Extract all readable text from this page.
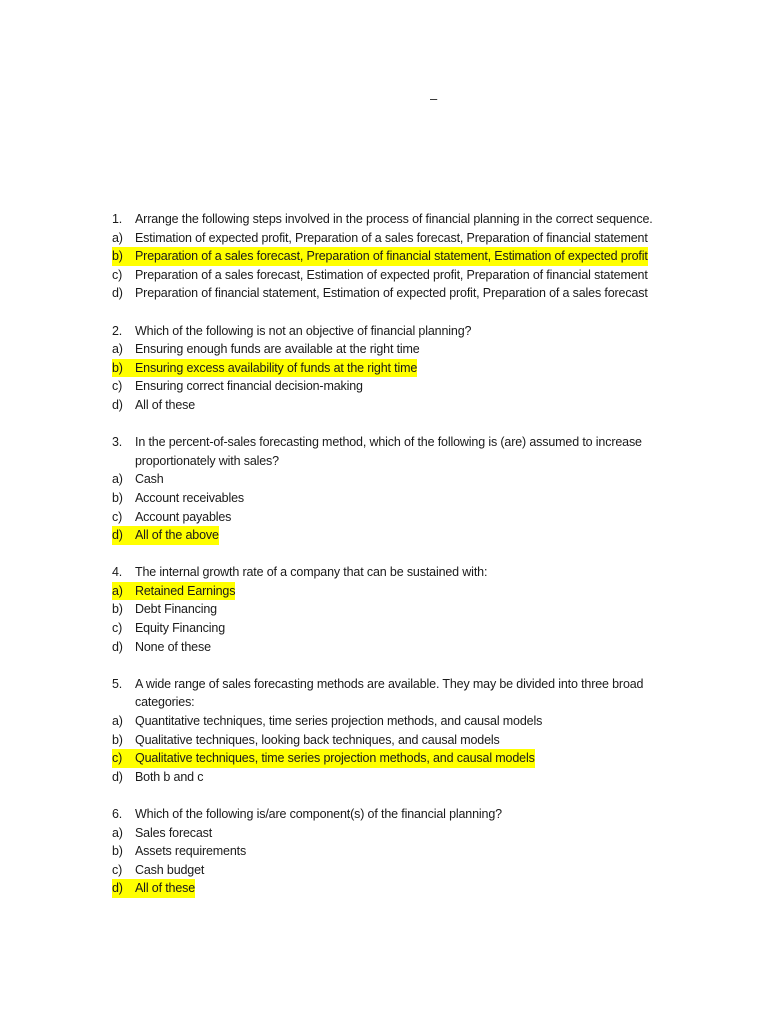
–
1.	Arrange the following steps involved in the process of financial planning in the correct sequence.
a) Estimation of expected profit, Preparation of a sales forecast, Preparation of financial statement
b) Preparation of a sales forecast, Preparation of financial statement, Estimation of expected profit
c)	Preparation of a sales forecast, Estimation of expected profit, Preparation of financial statement
d) Preparation of financial statement, Estimation of expected profit, Preparation of a sales forecast
2.	Which of the following is not an objective of financial planning?
a) Ensuring enough funds are available at the right time
b) Ensuring excess availability of funds at the right time
c)	Ensuring correct financial decision-making
d) All of these
3.	In the percent-of-sales forecasting method, which of the following is (are) assumed to increase proportionately with sales?
a) Cash
b) Account receivables
c)	Account payables
d) All of the above
4.	The internal growth rate of a company that can be sustained with:
a) Retained Earnings
b) Debt Financing
c)	Equity Financing
d) None of these
5.	A wide range of sales forecasting methods are available. They may be divided into three broad categories:
a) Quantitative techniques, time series projection methods, and causal models
b) Qualitative techniques, looking back techniques, and causal models
c)	Qualitative techniques, time series projection methods, and causal models
d) Both b and c
6.	Which of the following is/are component(s) of the financial planning?
a) Sales forecast
b) Assets requirements
c)	Cash budget
d) All of these
